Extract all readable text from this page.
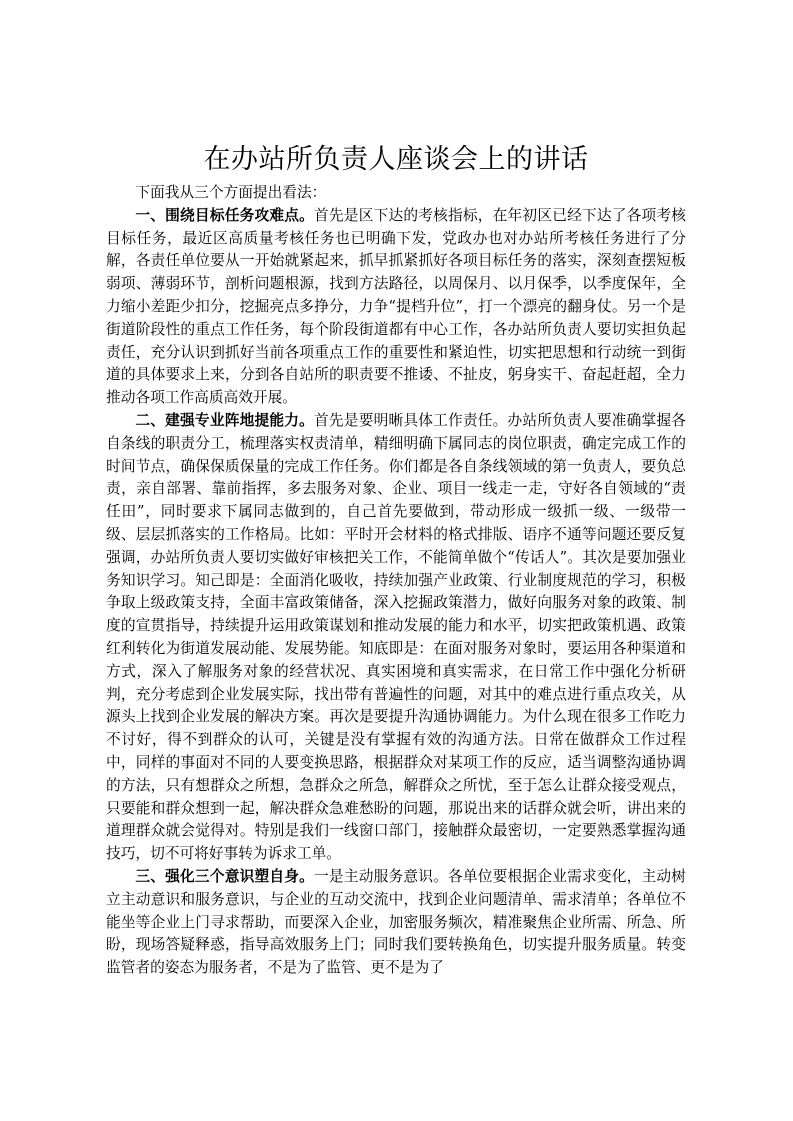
在办站所负责人座谈会上的讲话

下面我从三个方面提出看法：

一、围绕目标任务攻难点。首先是区下达的考核指标，在年初区已经下达了各项考核目标任务，最近区高质量考核任务也已明确下发，党政办也对办站所考核任务进行了分解，各责任单位要从一开始就紧起来，抓早抓紧抓好各项目标任务的落实，深刻查摆短板弱项、薄弱环节，剖析问题根源，找到方法路径，以周保月、以月保季，以季度保年，全力缩小差距少扣分，挖掘亮点多挣分，力争“提档升位”，打一个漂亮的翻身仗。另一个是街道阶段性的重点工作任务，每个阶段街道都有中心工作，各办站所负责人要切实担负起责任，充分认识到抓好当前各项重点工作的重要性和紧迫性，切实把思想和行动统一到街道的具体要求上来，分到各自站所的职责要不推诿、不扯皮，躬身实干、奋起赶超，全力推动各项工作高质高效开展。

二、建强专业阵地提能力。首先是要明晰具体工作责任。办站所负责人要准确掌握各自条线的职责分工，梳理落实权责清单，精细明确下属同志的岗位职责，确定完成工作的时间节点，确保保质保量的完成工作任务。你们都是各自条线领域的第一负责人，要负总责，亲自部署、靠前指挥，多去服务对象、企业、项目一线走一走，守好各自领域的“责任田”，同时要求下属同志做到的，自己首先要做到，带动形成一级抓一级、一级带一级、层层抓落实的工作格局。比如：平时开会材料的格式排版、语序不通等问题还要反复强调，办站所负责人要切实做好审核把关工作，不能简单做个“传话人”。其次是要加强业务知识学习。知己即是：全面消化吸收，持续加强产业政策、行业制度规范的学习，积极争取上级政策支持，全面丰富政策储备，深入挖掘政策潜力，做好向服务对象的政策、制度的宣贯指导，持续提升运用政策谋划和推动发展的能力和水平，切实把政策机遇、政策红利转化为街道发展动能、发展势能。知底即是：在面对服务对象时，要运用各种渠道和方式，深入了解服务对象的经营状况、真实困境和真实需求，在日常工作中强化分析研判，充分考虑到企业发展实际，找出带有普遍性的问题，对其中的难点进行重点攻关，从源头上找到企业发展的解决方案。再次是要提升沟通协调能力。为什么现在很多工作吃力不讨好，得不到群众的认可，关键是没有掌握有效的沟通方法。日常在做群众工作过程中，同样的事面对不同的人要变换思路，根据群众对某项工作的反应，适当调整沟通协调的方法，只有想群众之所想，急群众之所急，解群众之所忧，至于怎么让群众接受观点，只要能和群众想到一起，解决群众急难愁盼的问题，那说出来的话群众就会听，讲出来的道理群众就会觉得对。特别是我们一线窗口部门，接触群众最密切，一定要熟悉掌握沟通技巧，切不可将好事转为诉求工单。

三、强化三个意识塑自身。一是主动服务意识。各单位要根据企业需求变化，主动树立主动意识和服务意识，与企业的互动交流中，找到企业问题清单、需求清单；各单位不能坐等企业上门寻求帮助，而要深入企业，加密服务频次，精准聚焦企业所需、所急、所盼，现场答疑释惑，指导高效服务上门；同时我们要转换角色，切实提升服务质量。转变监管者的姿态为服务者，不是为了监管、更不是为了
